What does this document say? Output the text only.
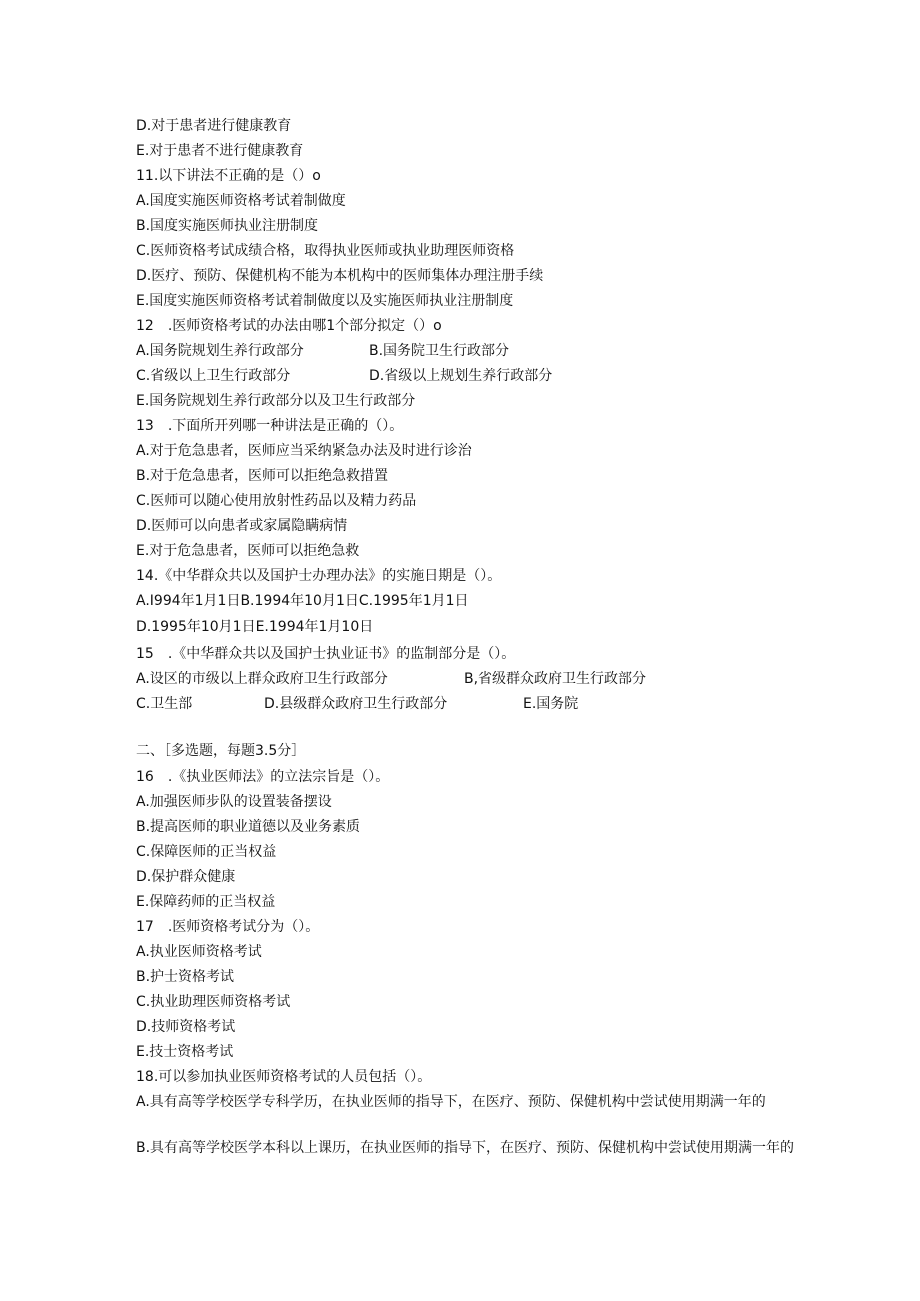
D.对于患者进行健康教育
E.对于患者不进行健康教育
11.以下讲法不正确的是（）o
A.国度实施医师资格考试着制做度
B.国度实施医师执业注册制度
C.医师资格考试成绩合格，取得执业医师或执业助理医师资格
D.医疗、预防、保健机构不能为本机构中的医师集体办理注册手续
E.国度实施医师资格考试着制做度以及实施医师执业注册制度
12　.医师资格考试的办法由哪1个部分拟定（）o
A.国务院规划生养行政部分	B.国务院卫生行政部分
C.省级以上卫生行政部分	D.省级以上规划生养行政部分
E.国务院规划生养行政部分以及卫生行政部分
13　.下面所开列哪一种讲法是正确的（）。
A.对于危急患者，医师应当采纳紧急办法及时进行诊治
B.对于危急患者，医师可以拒绝急救措置
C.医师可以随心使用放射性药品以及精力药品
D.医师可以向患者或家属隐瞒病情
E.对于危急患者，医师可以拒绝急救
14.《中华群众共以及国护士办理办法》的实施日期是（）。
A.I994年1月1日B.1994年10月1日C.1995年1月1日
D.1995年10月1日E.1994年1月10日
15　.《中华群众共以及国护士执业证书》的监制部分是（）。
A.设区的市级以上群众政府卫生行政部分	B,省级群众政府卫生行政部分
C.卫生部	D.县级群众政府卫生行政部分	E.国务院
二、［多选题，每题3.5分］
16　.《执业医师法》的立法宗旨是（）。
A.加强医师步队的设置装备摆设
B.提高医师的职业道德以及业务素质
C.保障医师的正当权益
D.保护群众健康
E.保障药师的正当权益
17　.医师资格考试分为（）。
A.执业医师资格考试
B.护士资格考试
C.执业助理医师资格考试
D.技师资格考试
E.技士资格考试
18.可以参加执业医师资格考试的人员包括（）。
A.具有高等学校医学专科学历，在执业医师的指导下，在医疗、预防、保健机构中尝试使用期满一年的
B.具有高等学校医学本科以上课历，在执业医师的指导下，在医疗、预防、保健机构中尝试使用期满一年的
